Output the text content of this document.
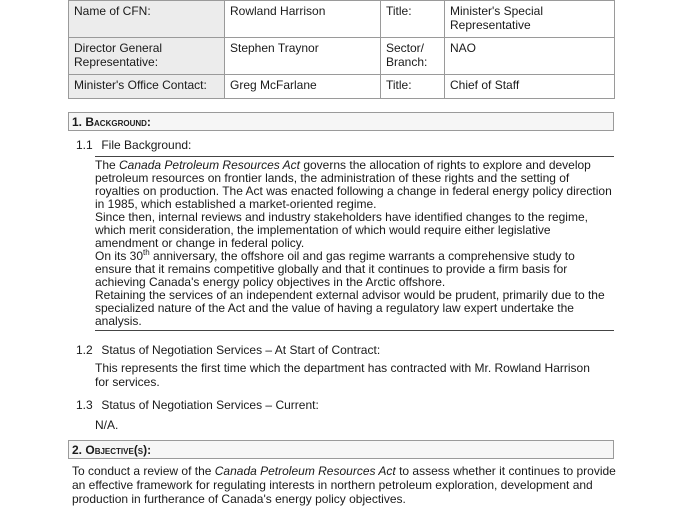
Name of CFN:	Rowland Harrison	Title:	Minister's Special Representative
Director General Representative:	Stephen Traynor	Sector/ Branch:	NAO
Minister's Office Contact:	Greg McFarlane	Title:	Chief of Staff
1. Background:
1.1 File Background:

The Canada Petroleum Resources Act governs the allocation of rights to explore and develop petroleum resources on frontier lands, the administration of these rights and the setting of royalties on production. The Act was enacted following a change in federal energy policy direction in 1985, which established a market-oriented regime.

Since then, internal reviews and industry stakeholders have identified changes to the regime, which merit consideration, the implementation of which would require either legislative amendment or change in federal policy.

On its 30th anniversary, the offshore oil and gas regime warrants a comprehensive study to ensure that it remains competitive globally and that it continues to provide a firm basis for achieving Canada's energy policy objectives in the Arctic offshore.

Retaining the services of an independent external advisor would be prudent, primarily due to the specialized nature of the Act and the value of having a regulatory law expert undertake the analysis.

1.2 Status of Negotiation Services – At Start of Contract:

This represents the first time which the department has contracted with Mr. Rowland Harrison for services.

1.3 Status of Negotiation Services – Current:

N/A.

2. Objective(s):

To conduct a review of the Canada Petroleum Resources Act to assess whether it continues to provide an effective framework for regulating interests in northern petroleum exploration, development and production in furtherance of Canada's energy policy objectives.
